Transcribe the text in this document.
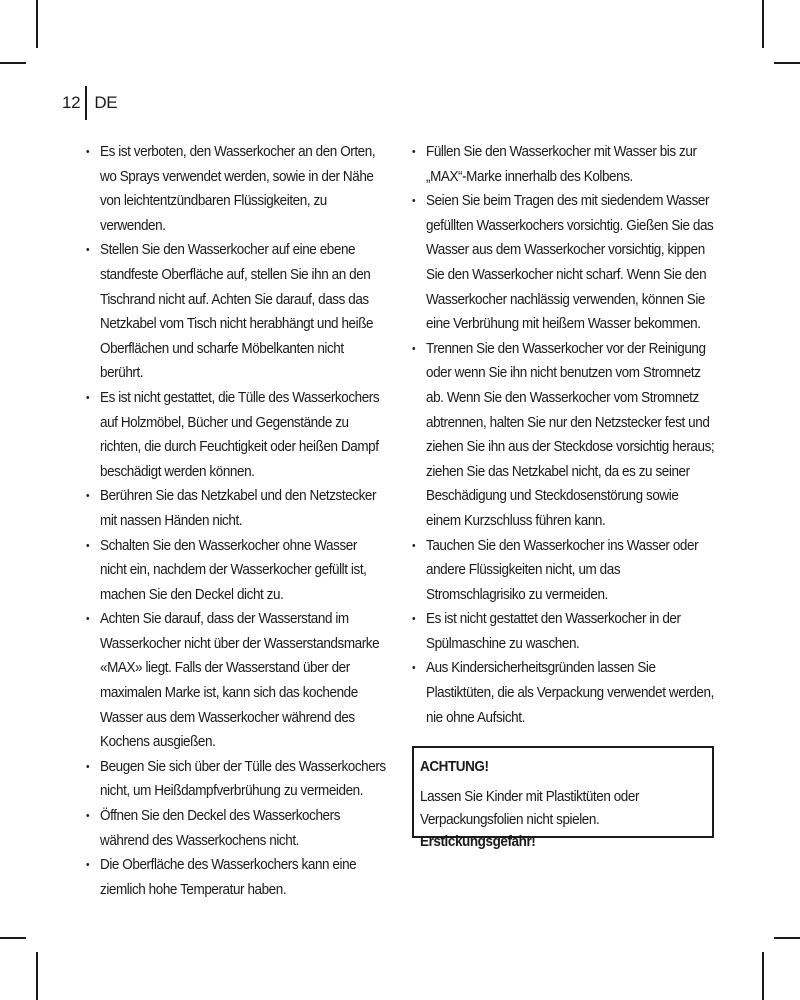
12 DE
• Es ist verboten, den Wasserkocher an den Orten, wo Sprays verwendet werden, sowie in der Nähe von leichtentzündbaren Flüssigkeiten, zu verwenden.
• Stellen Sie den Wasserkocher auf eine ebene standfeste Oberfläche auf, stellen Sie ihn an den Tischrand nicht auf. Achten Sie darauf, dass das Netzkabel vom Tisch nicht herabhängt und heiße Oberflächen und scharfe Möbelkanten nicht berührt.
• Es ist nicht gestattet, die Tülle des Wasserkochers auf Holzmöbel, Bücher und Gegenstände zu richten, die durch Feuchtigkeit oder heißen Dampf beschädigt werden können.
• Berühren Sie das Netzkabel und den Netzstecker mit nassen Händen nicht.
• Schalten Sie den Wasserkocher ohne Wasser nicht ein, nachdem der Wasserkocher gefüllt ist, machen Sie den Deckel dicht zu.
• Achten Sie darauf, dass der Wasserstand im Wasserkocher nicht über der Wasserstandsmarke «MAX» liegt. Falls der Wasserstand über der maximalen Marke ist, kann sich das kochende Wasser aus dem Wasserkocher während des Kochens ausgießen.
• Beugen Sie sich über der Tülle des Wasserkochers nicht, um Heißdampfverbrühung zu vermeiden.
• Öffnen Sie den Deckel des Wasserkochers während des Wasserkochens nicht.
• Die Oberfläche des Wasserkochers kann eine ziemlich hohe Temperatur haben.
• Füllen Sie den Wasserkocher mit Wasser bis zur „MAX“-Marke innerhalb des Kolbens.
• Seien Sie beim Tragen des mit siedendem Wasser gefüllten Wasserkochers vorsichtig. Gießen Sie das Wasser aus dem Wasserkocher vorsichtig, kippen Sie den Wasserkocher nicht scharf. Wenn Sie den Wasserkocher nachlässig verwenden, können Sie eine Verbrühung mit heißem Wasser bekommen.
• Trennen Sie den Wasserkocher vor der Reinigung oder wenn Sie ihn nicht benutzen vom Stromnetz ab. Wenn Sie den Wasserkocher vom Stromnetz abtrennen, halten Sie nur den Netzstecker fest und ziehen Sie ihn aus der Steckdose vorsichtig heraus; ziehen Sie das Netzkabel nicht, da es zu seiner Beschädigung und Steckdosenstörung sowie einem Kurzschluss führen kann.
• Tauchen Sie den Wasserkocher ins Wasser oder andere Flüssigkeiten nicht, um das Stromschlagrisiko zu vermeiden.
• Es ist nicht gestattet den Wasserkocher in der Spülmaschine zu waschen.
• Aus Kindersicherheitsgründen lassen Sie Plastiktüten, die als Verpackung verwendet werden, nie ohne Aufsicht.
ACHTUNG!
Lassen Sie Kinder mit Plastiktüten oder Verpackungsfolien nicht spielen. Erstickungsgefahr!
